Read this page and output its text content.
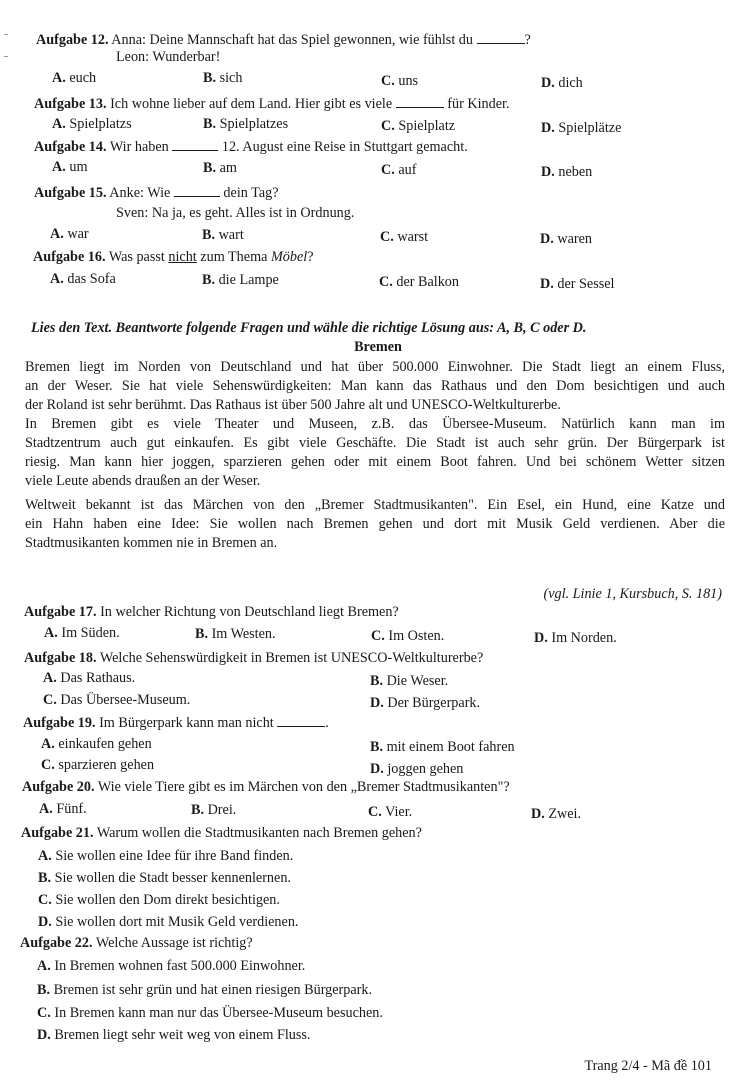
Aufgabe 12. Anna: Deine Mannschaft hat das Spiel gewonnen, wie fühlst du	?
Leon: Wunderbar!
A. euch	B. sich	C. uns	D. dich
Aufgabe 13. Ich wohne lieber auf dem Land. Hier gibt es viele	für Kinder.
A. Spielplatzs	B. Spielplatzes	C. Spielplatz	D. Spielplätze
Aufgabe 14. Wir haben	12. August eine Reise in Stuttgart gemacht.
A. um	B. am	C. auf	D. neben
Aufgabe 15. Anke: Wie	dein Tag?
Sven: Na ja, es geht. Alles ist in Ordnung.
A. war	B. wart	C. warst	D. waren
Aufgabe 16. Was passt nicht zum Thema Möbel?
A. das Sofa	B. die Lampe	C. der Balkon	D. der Sessel
Lies den Text. Beantworte folgende Fragen und wähle die richtige Lösung aus: A, B, C oder D.
Bremen
Bremen liegt im Norden von Deutschland und hat über 500.000 Einwohner. Die Stadt liegt an einem Fluss,
an der Weser. Sie hat viele Sehenswürdigkeiten: Man kann das Rathaus und den Dom besichtigen und auch
der Roland ist sehr berühmt. Das Rathaus ist über 500 Jahre alt und UNESCO-Weltkulturerbe.
In Bremen gibt es viele Theater und Museen, z.B. das Übersee-Museum. Natürlich kann man im
Stadtzentrum auch gut einkaufen. Es gibt viele Geschäfte. Die Stadt ist auch sehr grün. Der Bürgerpark ist
riesig. Man kann hier joggen, sparzieren gehen oder mit einem Boot fahren. Und bei schönem Wetter sitzen
viele Leute abends draußen an der Weser.
Weltweit bekannt ist das Märchen von den „Bremer Stadtmusikanten". Ein Esel, ein Hund, eine Katze und
ein Hahn haben eine Idee: Sie wollen nach Bremen gehen und dort mit Musik Geld verdienen. Aber die
Stadtmusikanten kommen nie in Bremen an.
(vgl. Linie 1, Kursbuch, S. 181)
Aufgabe 17. In welcher Richtung von Deutschland liegt Bremen?
A. Im Süden.	B. Im Westen.	C. Im Osten.	D. Im Norden.
Aufgabe 18. Welche Sehenswürdigkeit in Bremen ist UNESCO-Weltkulturerbe?
A. Das Rathaus.	B. Die Weser.
C. Das Übersee-Museum.	D. Der Bürgerpark.
Aufgabe 19. Im Bürgerpark kann man nicht	.
A. einkaufen gehen	B. mit einem Boot fahren
C. sparzieren gehen	D. joggen gehen
Aufgabe 20. Wie viele Tiere gibt es im Märchen von den „Bremer Stadtmusikanten"?
A. Fünf.	B. Drei.	C. Vier.	D. Zwei.
Aufgabe 21. Warum wollen die Stadtmusikanten nach Bremen gehen?
A. Sie wollen eine Idee für ihre Band finden.
B. Sie wollen die Stadt besser kennenlernen.
C. Sie wollen den Dom direkt besichtigen.
D. Sie wollen dort mit Musik Geld verdienen.
Aufgabe 22. Welche Aussage ist richtig?
A. In Bremen wohnen fast 500.000 Einwohner.
B. Bremen ist sehr grün und hat einen riesigen Bürgerpark.
C. In Bremen kann man nur das Übersee-Museum besuchen.
D. Bremen liegt sehr weit weg von einem Fluss.
Trang 2/4 - Mã đề 101
